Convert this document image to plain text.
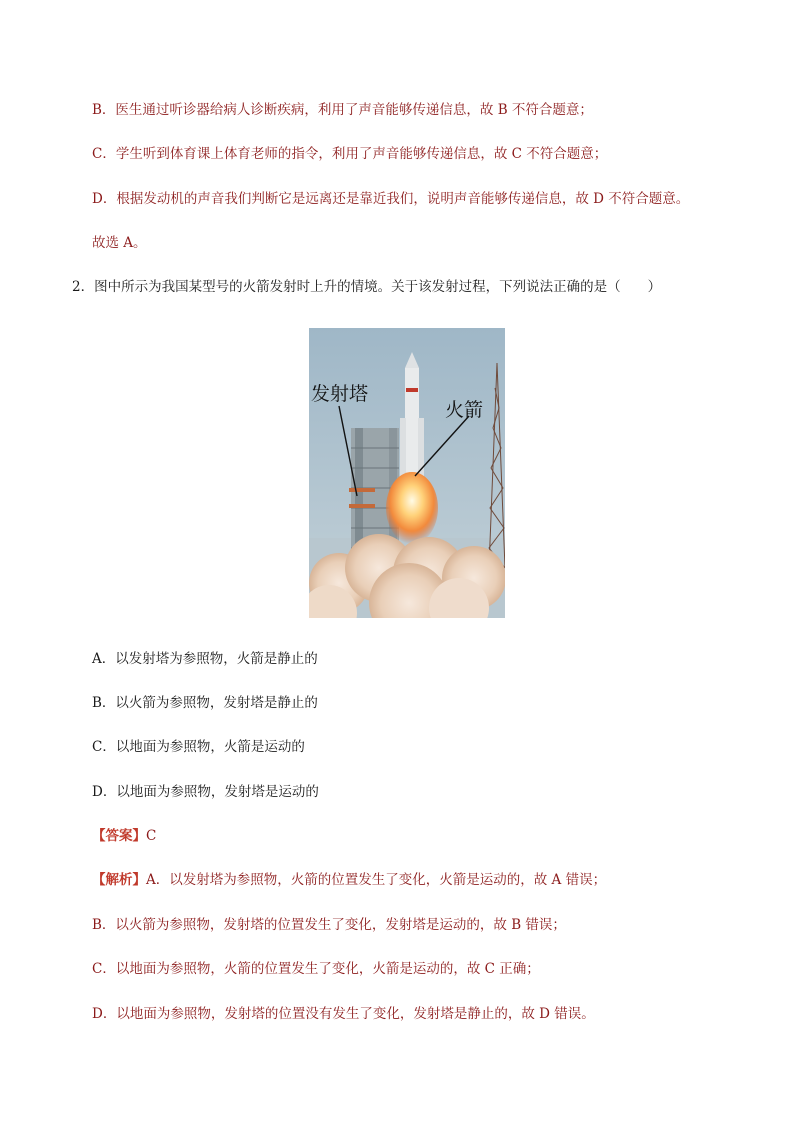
B．医生通过听诊器给病人诊断疾病，利用了声音能够传递信息，故 B 不符合题意；
C．学生听到体育课上体育老师的指令，利用了声音能够传递信息，故 C 不符合题意；
D．根据发动机的声音我们判断它是远离还是靠近我们，说明声音能够传递信息，故 D 不符合题意。
故选 A。
2．图中所示为我国某型号的火箭发射时上升的情境。关于该发射过程，下列说法正确的是（　　）
发射塔
火箭
A．以发射塔为参照物，火箭是静止的
B．以火箭为参照物，发射塔是静止的
C．以地面为参照物，火箭是运动的
D．以地面为参照物，发射塔是运动的
【答案】C
【解析】A．以发射塔为参照物，火箭的位置发生了变化，火箭是运动的，故 A 错误；
B．以火箭为参照物，发射塔的位置发生了变化，发射塔是运动的，故 B 错误；
C．以地面为参照物，火箭的位置发生了变化，火箭是运动的，故 C 正确；
D．以地面为参照物，发射塔的位置没有发生了变化，发射塔是静止的，故 D 错误。
